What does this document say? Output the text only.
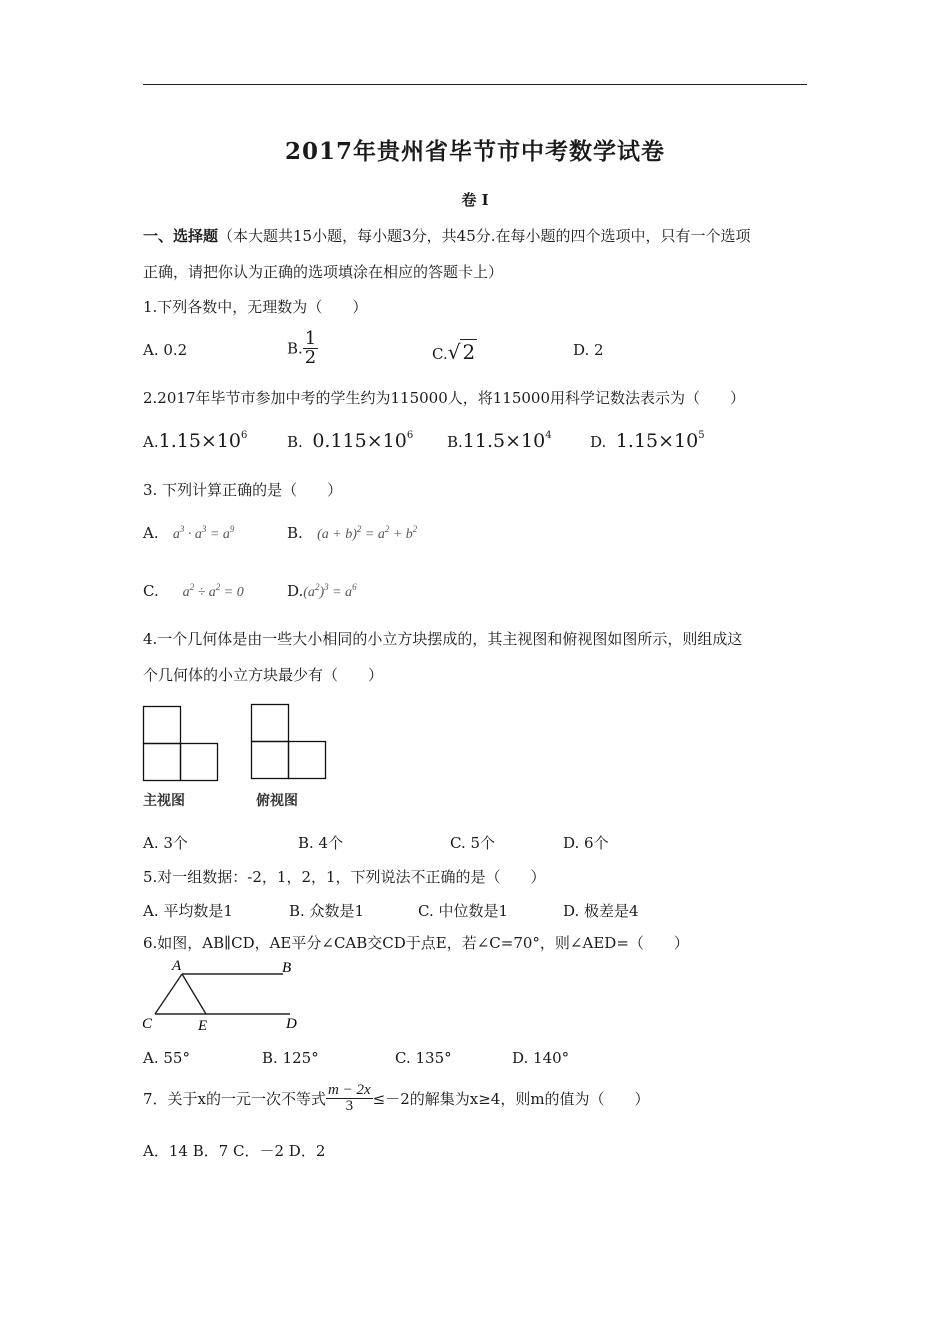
2017年贵州省毕节市中考数学试卷
卷 I
一、选择题（本大题共15小题，每小题3分，共45分.在每小题的四个选项中，只有一个选项
正确，请把你认为正确的选项填涂在相应的答题卡上）
1.下列各数中，无理数为（　　）
A. 0.2	B. $\frac{1}{2}$	C.√ 2	D. 2
2.2017年毕节市参加中考的学生约为115000人，将115000用科学记数法表示为（　　）
$A.1.15\times 10^6$	B. $0.115\times 10^6$ $B.11.5\times 10^4$	D. $1.15\times 10^5$
3. 下列计算正确的是（　　）
A. $a^3 \cdot a^3 = a^9$	B. $(a + b)^2 = a^2 + b^2$
C. $a^2 \div a^2 = 0$	$D.(a^2)^3 = a^6$
4.一个几何体是由一些大小相同的小立方块摆成的，其主视图和俯视图如图所示，则组成这
个几何体的小立方块最少有（　　）
主视图	俯视图
A. 3个	B. 4个	C. 5个	D. 6个
5.对一组数据：-2，1，2，1，下列说法不正确的是（　　）
A. 平均数是1	B. 众数是1	C. 中位数是1	D. 极差是4
6.如图，AB∥CD，AE平分∠CAB交CD于点E，若∠C=70°，则∠AED=（　　）
A	B
C	E	D
A. 55°	B. 125°	C. 135°	D. 140°
7．关于x的一元一次不等式 $\frac{m - 2x}{3} \le-2$的解集为x≥4，则m的值为（　　）
A．14 B．7 C．－2 D．2
